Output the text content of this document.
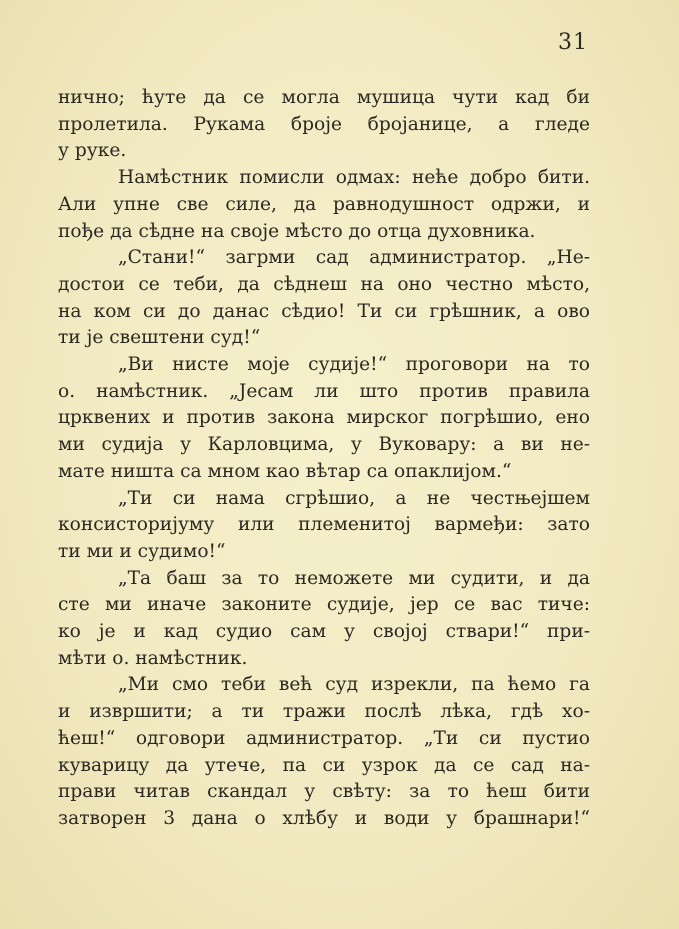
31
нично; ћуте да се могла мушица чути кад би
пролетила. Рукама броје бројанице, а гледе
у руке.
Намѣстник помисли одмах: неће добро бити.
Али упне све силе, да равнодушност одржи, и
пође да сѣдне на своје мѣсто до отца духовника.
„Стани!“ загрми сад администратор. „Не-
достои се теби, да сѣднеш на оно честно мѣсто,
на ком си до данас сѣдио! Ти си грѣшник, а ово
ти је свештени суд!“
„Ви нисте моје судије!“ проговори на то
о. намѣстник. „Јесам ли што против правила
црквених и против закона мирског погрѣшио, ено
ми судија у Карловцима, у Вуковару: а ви не-
мате ништа са мном као вѣтар са опаклијом.“
„Ти си нама сгрѣшио, а не честњејшем
консисторијуму или племенитој вармеђи: зато
ти ми и судимо!“
„Та баш за то неможете ми судити, и да
сте ми иначе законите судије, јер се вас тиче:
ко је и кад судио сам у својој ствари!“ при-
мѣти о. намѣстник.
„Ми смо теби већ суд изрекли, па ћемо га
и извршити; а ти тражи послѣ лѣка, гдѣ хо-
ћеш!“ одговори администратор. „Ти си пустио
куварицу да утече, па си узрок да се сад на-
прави читав скандал у свѣту: за то ћеш бити
затворен 3 дана о хлѣбу и води у брашнари!“
